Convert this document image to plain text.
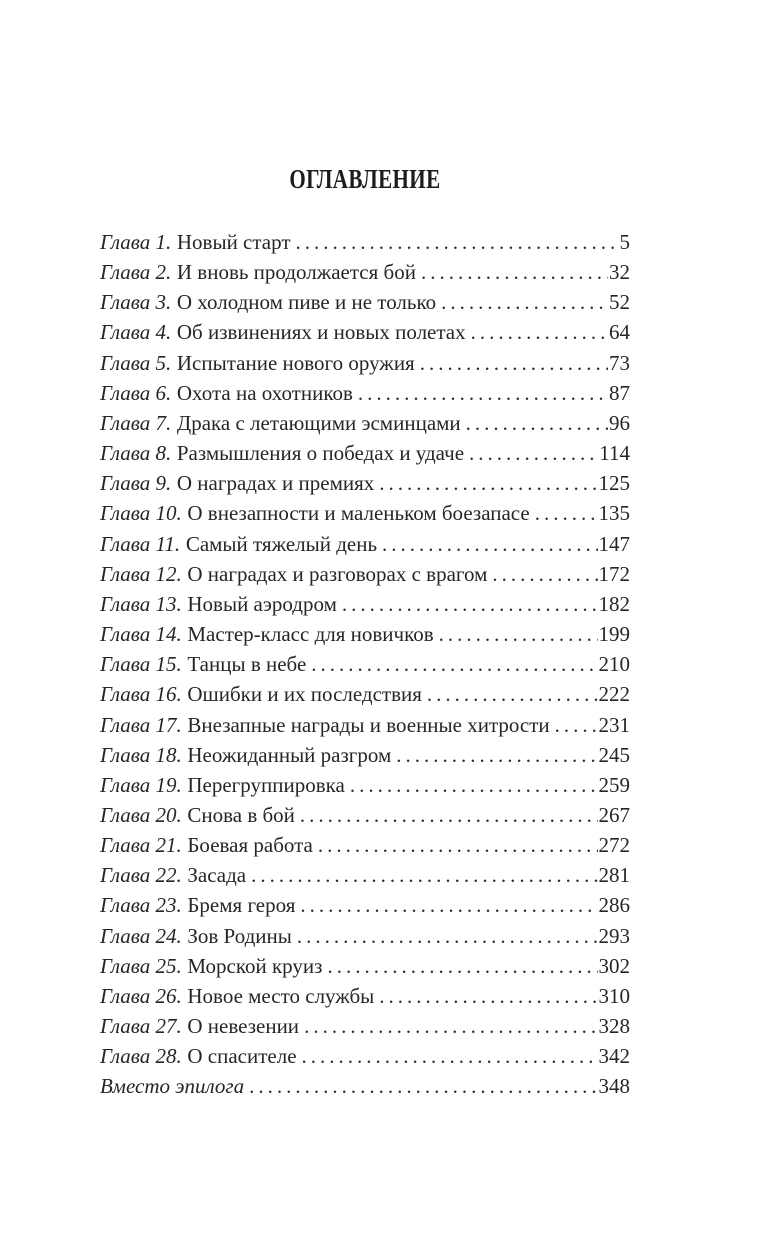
ОГЛАВЛЕНИЕ
Глава 1. Новый старт .....	5
Глава 2. И вновь продолжается бой .....	32
Глава 3. О холодном пиве и не только .....	52
Глава 4. Об извинениях и новых полетах .....	64
Глава 5. Испытание нового оружия .....	73
Глава 6. Охота на охотников .....	87
Глава 7. Драка с летающими эсминцами .....	96
Глава 8. Размышления о победах и удаче .....	114
Глава 9. О наградах и премиях .....	125
Глава 10. О внезапности и маленьком боезапасе .....	135
Глава 11. Самый тяжелый день .....	147
Глава 12. О наградах и разговорах с врагом .....	172
Глава 13. Новый аэродром .....	182
Глава 14. Мастер-класс для новичков .....	199
Глава 15. Танцы в небе .....	210
Глава 16. Ошибки и их последствия .....	222
Глава 17. Внезапные награды и военные хитрости ..... 231
Глава 18. Неожиданный разгром .....	245
Глава 19. Перегруппировка .....	259
Глава 20. Снова в бой .....	267
Глава 21. Боевая работа .....	272
Глава 22. Засада .....	281
Глава 23. Бремя героя .....	286
Глава 24. Зов Родины .....	293
Глава 25. Морской круиз .....	302
Глава 26. Новое место службы .....	310
Глава 27. О невезении .....	328
Глава 28. О спасителе .....	342
Вместо эпилога .....	348
